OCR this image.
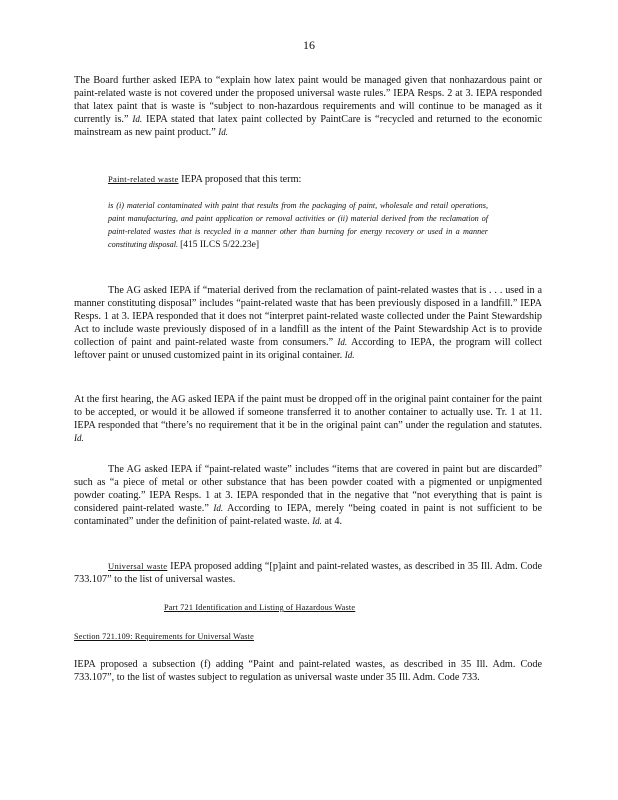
16

The Board further asked IEPA to “explain how latex paint would be managed given that nonhazardous paint or paint-related waste is not covered under the proposed universal waste rules.” IEPA Resps. 2 at 3. IEPA responded that latex paint that is waste is “subject to non-hazardous requirements and will continue to be managed as it currently is.” Id. IEPA stated that latex paint collected by PaintCare is “recycled and returned to the economic mainstream as new paint product.” Id.

Paint-related waste IEPA proposed that this term:

is (i) material contaminated with paint that results from the packaging of paint, wholesale and retail operations, paint manufacturing, and paint application or removal activities or (ii) material derived from the reclamation of paint-related wastes that is recycled in a manner other than burning for energy recovery or used in a manner constituting disposal. [415 ILCS 5/22.23e]

The AG asked IEPA if “material derived from the reclamation of paint-related wastes that is . . . used in a manner constituting disposal” includes “paint-related waste that has been previously disposed in a landfill.” IEPA Resps. 1 at 3. IEPA responded that it does not “interpret paint-related waste collected under the Paint Stewardship Act to include waste previously disposed of in a landfill as the intent of the Paint Stewardship Act is to provide collection of paint and paint-related waste from consumers.” Id. According to IEPA, the program will collect leftover paint or unused customized paint in its original container. Id.

At the first hearing, the AG asked IEPA if the paint must be dropped off in the original paint container for the paint to be accepted, or would it be allowed if someone transferred it to another container to actually use. Tr. 1 at 11. IEPA responded that “there’s no requirement that it be in the original paint can” under the regulation and statutes. Id.

The AG asked IEPA if “paint-related waste” includes “items that are covered in paint but are discarded” such as “a piece of metal or other substance that has been powder coated with a pigmented or unpigmented powder coating.” IEPA Resps. 1 at 3. IEPA responded that in the negative that “not everything that is paint is considered paint-related waste.” Id. According to IEPA, merely “being coated in paint is not sufficient to be contaminated” under the definition of paint-related waste. Id. at 4.

Universal waste IEPA proposed adding “[p]aint and paint-related wastes, as described in 35 Ill. Adm. Code 733.107” to the list of universal wastes.

Part 721 Identification and Listing of Hazardous Waste
Section 721.109: Requirements for Universal Waste

IEPA proposed a subsection (f) adding “Paint and paint-related wastes, as described in 35 Ill. Adm. Code 733.107”, to the list of wastes subject to regulation as universal waste under 35 Ill. Adm. Code 733.
